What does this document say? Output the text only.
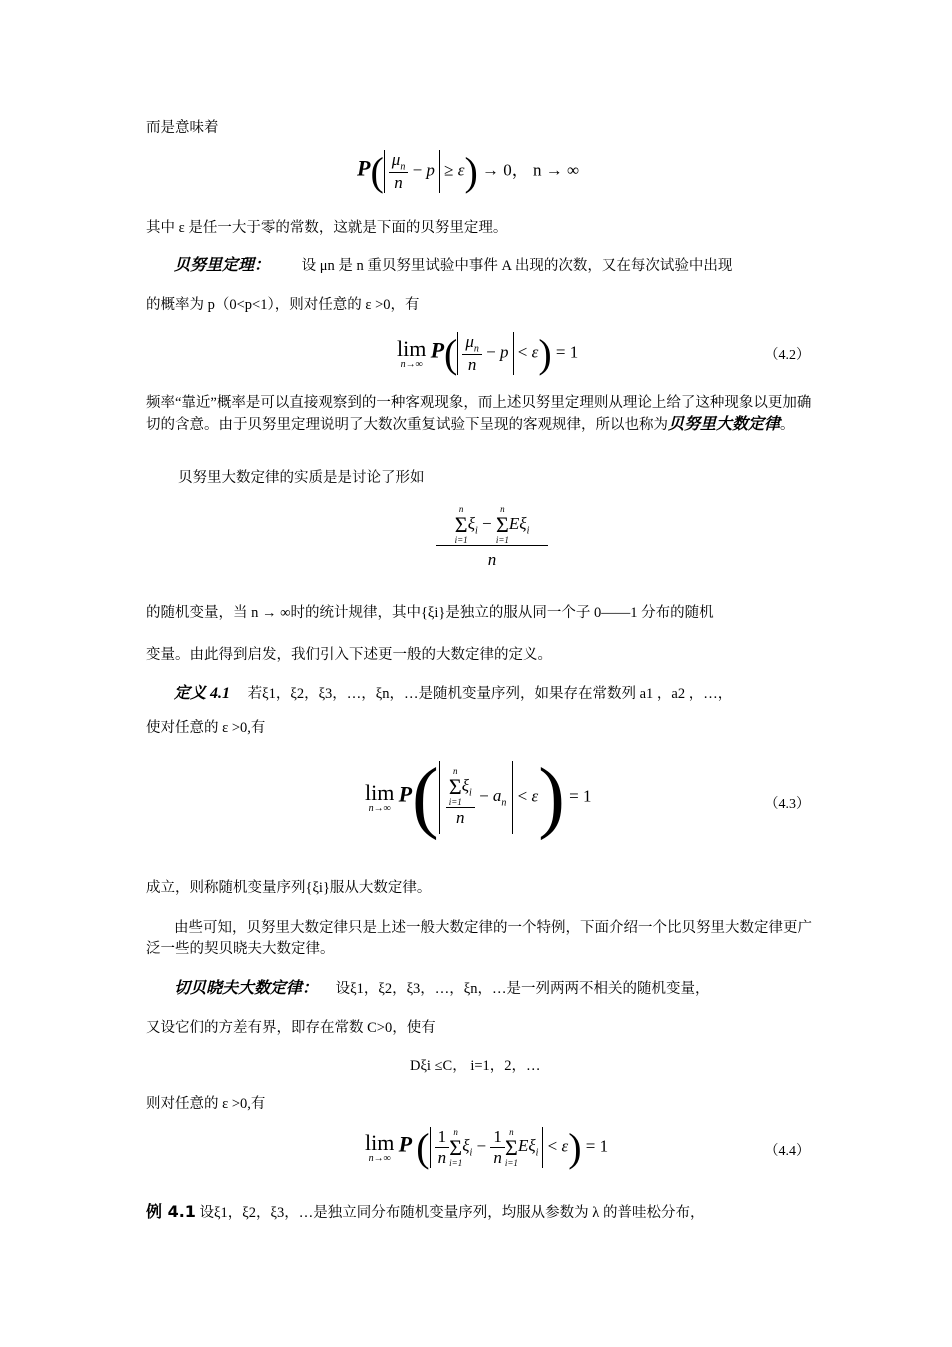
而是意味着
$P( \frac{\mu_n}{n} - p \ge \varepsilon) \to 0$， n → ∞
其中 ε 是任一大于零的常数，这就是下面的贝努里定理。
贝努里定理： 设 μn 是 n 重贝努里试验中事件 A 出现的次数，又在每次试验中出现
的概率为 p（0<p<1），则对任意的 ε >0，有
lim
n→∞
$P( \frac{\mu_n}{n} - p < \varepsilon) = 1$	（4.2）
频率“靠近”概率是可以直接观察到的一种客观现象，而上述贝努里定理则从理论上给了这种现象以更加确切的含意。由于贝努里定理说明了大数次重复试验下呈现的客观规律，所以也称为贝努里大数定律。
贝努里大数定律的实质是是讨论了形如
n
Σ
i=1
$\xi_i$ −
n
Σ
i=1
$E\xi_i$
n
的随机变量，当 n → ∞时的统计规律，其中{ξi}是独立的服从同一个子 0——1 分布的随机
变量。由此得到启发，我们引入下述更一般的大数定律的定义。
定义 4.1 若ξ1，ξ2，ξ3，…，ξn，…是随机变量序列，如果存在常数列 a1 ，a2 ，…，
使对任意的 ε >0,有
lim
n→∞
P( n
Σ
i=1
$\xi_i$
$n - a_n < \varepsilon) = 1$	（4.3）
成立，则称随机变量序列{ξi}服从大数定律。
由些可知，贝努里大数定律只是上述一般大数定律的一个特例，下面介绍一个比贝努里大数定律更广泛一些的契贝晓夫大数定律。
切贝晓夫大数定律： 设ξ1，ξ2，ξ3，…，ξn，…是一列两两不相关的随机变量，
又设它们的方差有界，即存在常数 C>0，使有
Dξi ≤C， i=1，2，…
则对任意的 ε >0,有
lim
n→∞
P ( $\frac{1}{n}$ n
Σ
i=1
$\xi_i - \frac{1}{n}$ n
Σ
i=1
$E\xi_i < \varepsilon) = 1$	（4.4）
例 4.1 设ξ1，ξ2，ξ3，…是独立同分布随机变量序列，均服从参数为 λ 的普哇松分布，
